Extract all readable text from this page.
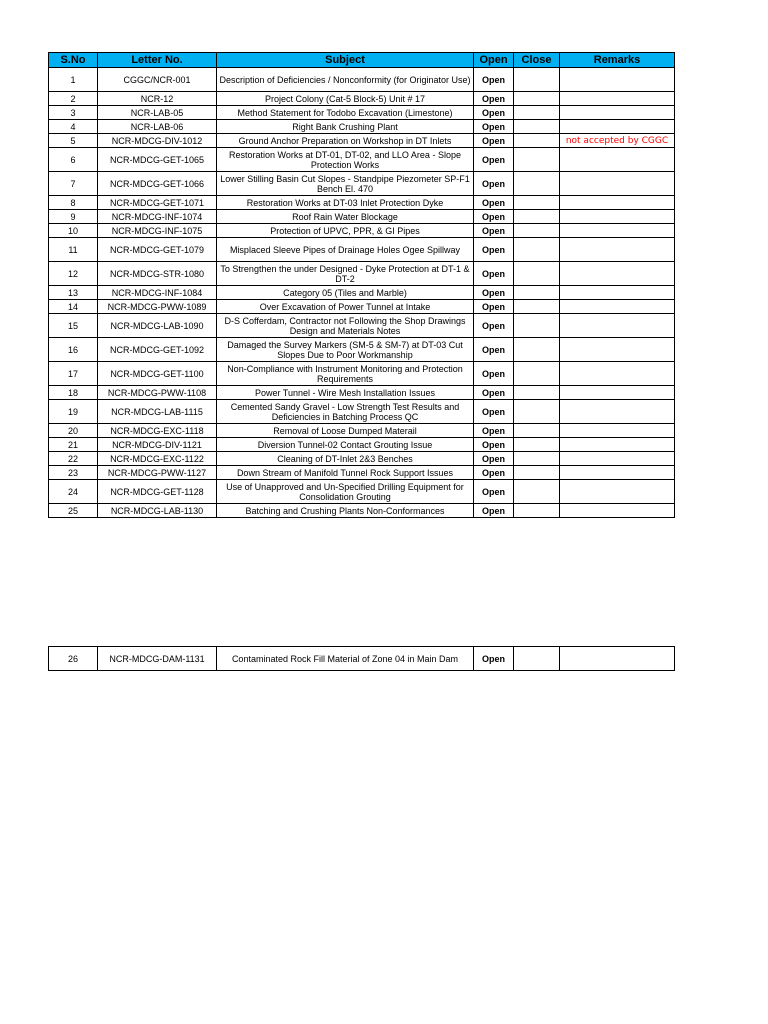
S.No	Letter No.	Subject	Open	Close	Remarks
1	CGGC/NCR-001	Description of Deficiencies / Nonconformity (for Originator Use)	Open		
2	NCR-12	Project Colony (Cat-5 Block-5) Unit # 17	Open		
3	NCR-LAB-05	Method Statement for Todobo Excavation (Limestone)	Open		
4	NCR-LAB-06	Right Bank Crushing Plant	Open		
5	NCR-MDCG-DIV-1012	Ground Anchor Preparation on Workshop in DT Inlets	Open		not accepted by CGGC
6	NCR-MDCG-GET-1065	Restoration Works at DT-01, DT-02, and LLO Area - Slope Protection Works	Open		
7	NCR-MDCG-GET-1066	Lower Stilling Basin Cut Slopes - Standpipe Piezometer SP-F1 Bench El. 470	Open		
8	NCR-MDCG-GET-1071	Restoration Works at DT-03 Inlet Protection Dyke	Open		
9	NCR-MDCG-INF-1074	Roof Rain Water Blockage	Open		
10	NCR-MDCG-INF-1075	Protection of UPVC, PPR, & GI Pipes	Open		
11	NCR-MDCG-GET-1079	Misplaced Sleeve Pipes of Drainage Holes Ogee Spillway	Open		
12	NCR-MDCG-STR-1080	To Strengthen the under Designed - Dyke Protection at DT-1 & DT-2	Open		
13	NCR-MDCG-INF-1084	Category 05 (Tiles and Marble)	Open		
14	NCR-MDCG-PWW-1089	Over Excavation of Power Tunnel at Intake	Open		
15	NCR-MDCG-LAB-1090	D-S Cofferdam, Contractor not Following the Shop Drawings Design and Materials Notes	Open		
16	NCR-MDCG-GET-1092	Damaged the Survey Markers (SM-5 & SM-7) at DT-03 Cut Slopes Due to Poor Workmanship	Open		
17	NCR-MDCG-GET-1100	Non-Compliance with Instrument Monitoring and Protection Requirements	Open		
18	NCR-MDCG-PWW-1108	Power Tunnel - Wire Mesh Installation Issues	Open		
19	NCR-MDCG-LAB-1115	Cemented Sandy Gravel - Low Strength Test Results and Deficiencies in Batching Process QC	Open		
20	NCR-MDCG-EXC-1118	Removal of Loose Dumped Materail	Open		
21	NCR-MDCG-DIV-1121	Diversion Tunnel-02 Contact Grouting Issue	Open		
22	NCR-MDCG-EXC-1122	Cleaning of DT-Inlet 2&3 Benches	Open		
23	NCR-MDCG-PWW-1127	Down Stream of Manifold Tunnel Rock Support Issues	Open		
24	NCR-MDCG-GET-1128	Use of Unapproved and Un-Specified Drilling Equipment for Consolidation Grouting	Open		
25	NCR-MDCG-LAB-1130	Batching and Crushing Plants Non-Conformances	Open		
26	NCR-MDCG-DAM-1131	Contaminated Rock Fill Material of Zone 04 in Main Dam	Open		
